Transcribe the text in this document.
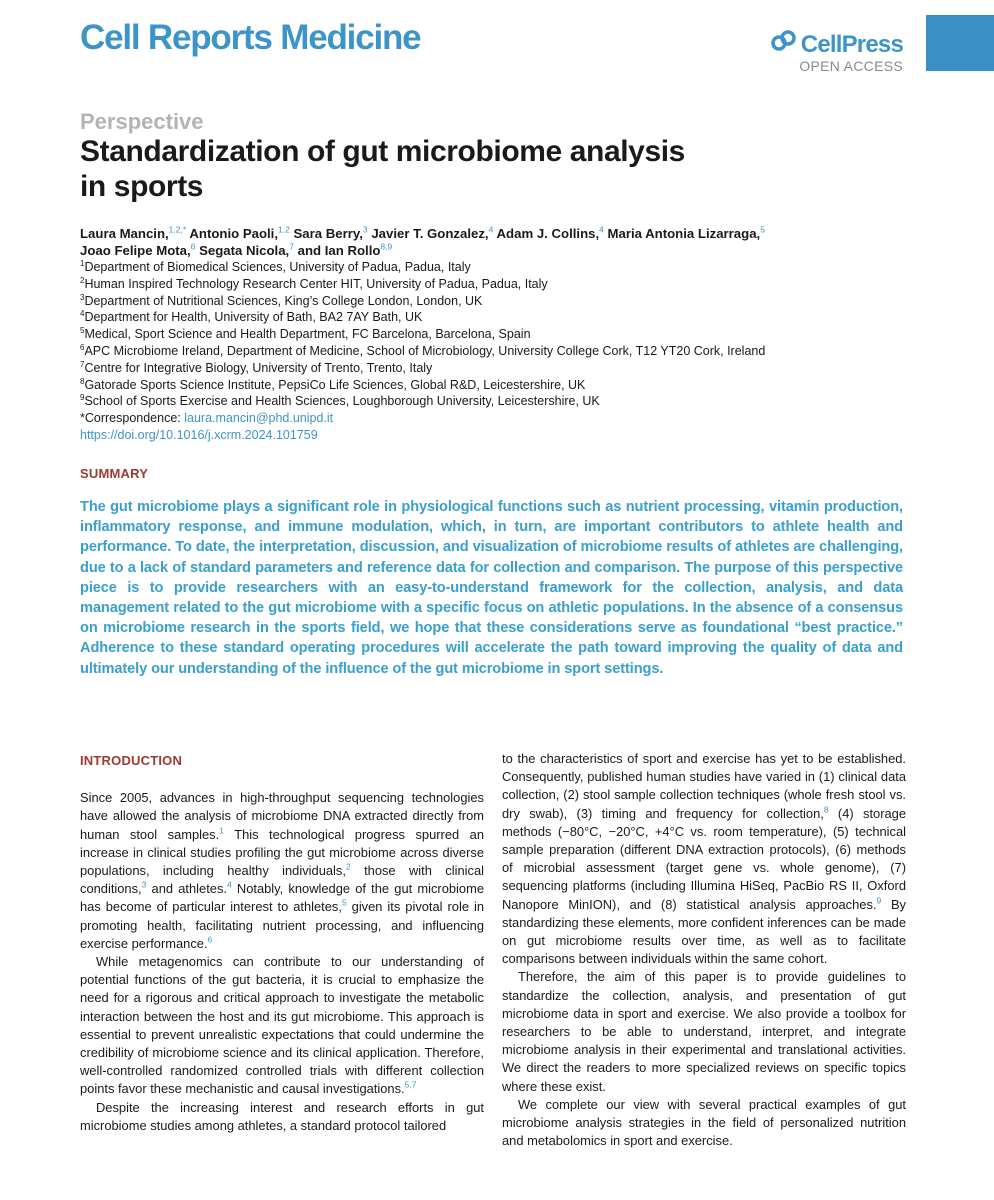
Cell Reports Medicine	CellPress
OPEN ACCESS
Perspective
Standardization of gut microbiome analysis in sports
Laura Mancin,$^{1,2,*}$ Antonio Paoli,$^{1,2}$ Sara Berry,$^3$ Javier T. Gonzalez,$^4$ Adam J. Collins,$^4$ Maria Antonia Lizarraga,$^5$
Joao Felipe Mota,$^6$ Segata Nicola,$^7$ and Ian Rollo$^{8,9}$
$^1$Department of Biomedical Sciences, University of Padua, Padua, Italy
$^2$Human Inspired Technology Research Center HIT, University of Padua, Padua, Italy
$^3$Department of Nutritional Sciences, King’s College London, London, UK
$^4$Department for Health, University of Bath, BA2 7AY Bath, UK
$^5$Medical, Sport Science and Health Department, FC Barcelona, Barcelona, Spain
$^6$APC Microbiome Ireland, Department of Medicine, School of Microbiology, University College Cork, T12 YT20 Cork, Ireland
$^7$Centre for Integrative Biology, University of Trento, Trento, Italy
$^8$Gatorade Sports Science Institute, PepsiCo Life Sciences, Global R&D, Leicestershire, UK
$^9$School of Sports Exercise and Health Sciences, Loughborough University, Leicestershire, UK
*Correspondence: laura.mancin@phd.unipd.it
https://doi.org/10.1016/j.xcrm.2024.101759
SUMMARY
The gut microbiome plays a significant role in physiological functions such as nutrient processing, vitamin production, inflammatory response, and immune modulation, which, in turn, are important contributors to athlete health and performance. To date, the interpretation, discussion, and visualization of microbiome results of athletes are challenging, due to a lack of standard parameters and reference data for collection and comparison. The purpose of this perspective piece is to provide researchers with an easy-to-understand framework for the collection, analysis, and data management related to the gut microbiome with a specific focus on athletic populations. In the absence of a consensus on microbiome research in the sports field, we hope that these considerations serve as foundational “best practice.” Adherence to these standard operating procedures will accelerate the path toward improving the quality of data and ultimately our understanding of the influence of the gut microbiome in sport settings.
INTRODUCTION

Since 2005, advances in high-throughput sequencing technologies have allowed the analysis of microbiome DNA extracted directly from human stool samples.$^1$ This technological progress spurred an increase in clinical studies profiling the gut microbiome across diverse populations, including healthy individuals,$^2$ those with clinical conditions,$^3$ and athletes.$^4$ Notably, knowledge of the gut microbiome has become of particular interest to athletes,$^5$ given its pivotal role in promoting health, facilitating nutrient processing, and influencing exercise performance.$^6$

While metagenomics can contribute to our understanding of potential functions of the gut bacteria, it is crucial to emphasize the need for a rigorous and critical approach to investigate the metabolic interaction between the host and its gut microbiome. This approach is essential to prevent unrealistic expectations that could undermine the credibility of microbiome science and its clinical application. Therefore, well-controlled randomized controlled trials with different collection points favor these mechanistic and causal investigations.$^{5,7}$

Despite the increasing interest and research efforts in gut microbiome studies among athletes, a standard protocol tailored

to the characteristics of sport and exercise has yet to be established. Consequently, published human studies have varied in (1) clinical data collection, (2) stool sample collection techniques (whole fresh stool vs. dry swab), (3) timing and frequency for collection,$^8$ (4) storage methods (−80°C, −20°C, +4°C vs. room temperature), (5) technical sample preparation (different DNA extraction protocols), (6) methods of microbial assessment (target gene vs. whole genome), (7) sequencing platforms (including Illumina HiSeq, PacBio RS II, Oxford Nanopore MinION), and (8) statistical analysis approaches.$^9$ By standardizing these elements, more confident inferences can be made on gut microbiome results over time, as well as to facilitate comparisons between individuals within the same cohort.

Therefore, the aim of this paper is to provide guidelines to standardize the collection, analysis, and presentation of gut microbiome data in sport and exercise. We also provide a toolbox for researchers to be able to understand, interpret, and integrate microbiome analysis in their experimental and translational activities. We direct the readers to more specialized reviews on specific topics where these exist.

We complete our view with several practical examples of gut microbiome analysis strategies in the field of personalized nutrition and metabolomics in sport and exercise.
